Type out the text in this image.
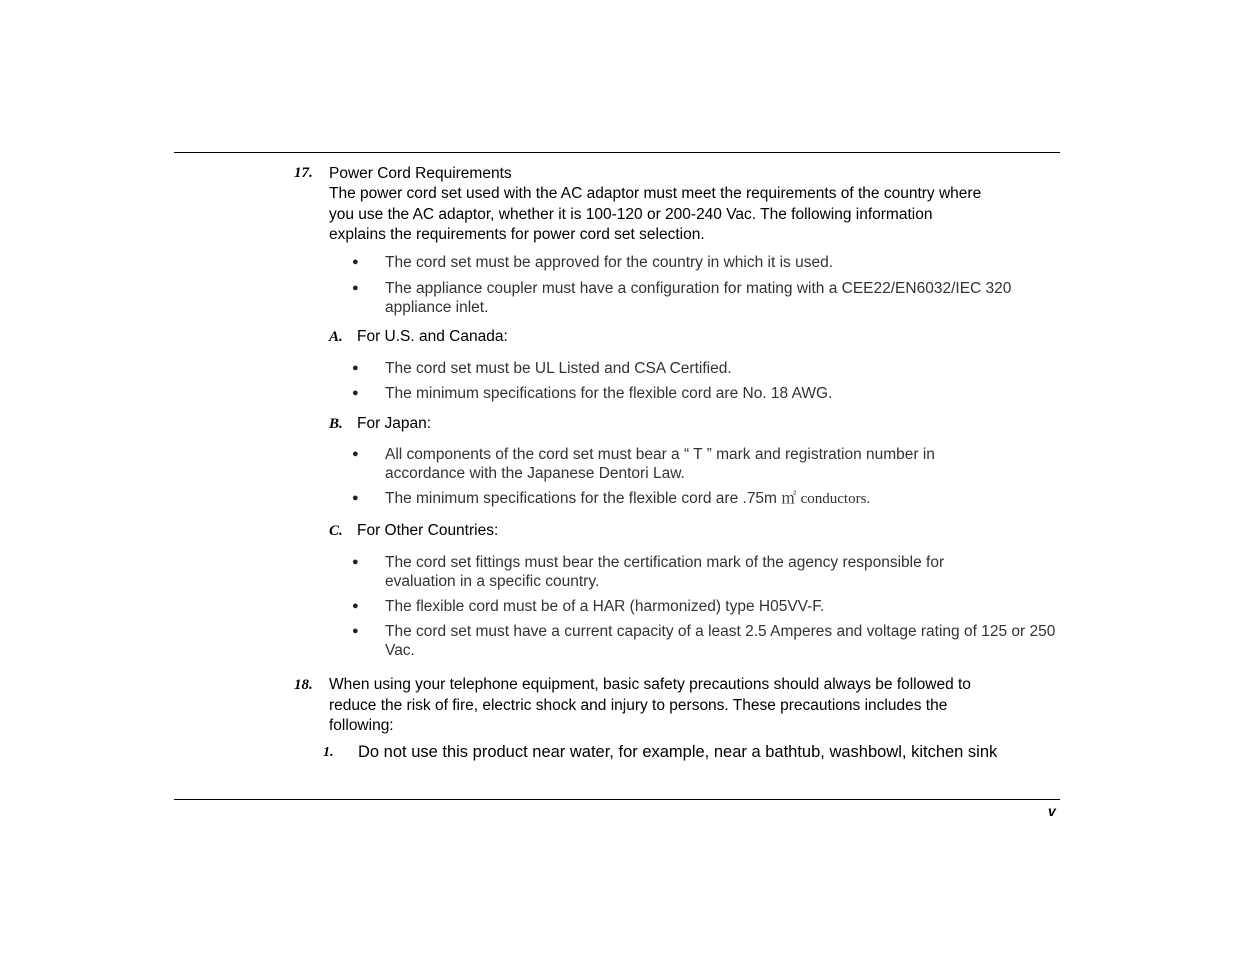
17. Power Cord Requirements
The power cord set used with the AC adaptor must meet the requirements of the country where
you use the AC adaptor, whether it is 100-120 or 200-240 Vac. The following information
explains the requirements for power cord set selection.
● The cord set must be approved for the country in which it is used.
● The appliance coupler must have a configuration for mating with a CEE22/EN6032/IEC 320 appliance inlet.
A. For U.S. and Canada:
● The cord set must be UL Listed and CSA Certified.
● The minimum specifications for the flexible cord are No. 18 AWG.
B. For Japan:
● All components of the cord set must bear a “ T ” mark and registration number in accordance with the Japanese Dentori Law.
● The minimum specifications for the flexible cord are .75m ㎡ conductors.
C. For Other Countries:
● The cord set fittings must bear the certification mark of the agency responsible for evaluation in a specific country.
● The flexible cord must be of a HAR (harmonized) type H05VV-F.
● The cord set must have a current capacity of a least 2.5 Amperes and voltage rating of 125 or 250 Vac.
18. When using your telephone equipment, basic safety precautions should always be followed to
reduce the risk of fire, electric shock and injury to persons. These precautions includes the
following:
1. Do not use this product near water, for example, near a bathtub, washbowl, kitchen sink
v
